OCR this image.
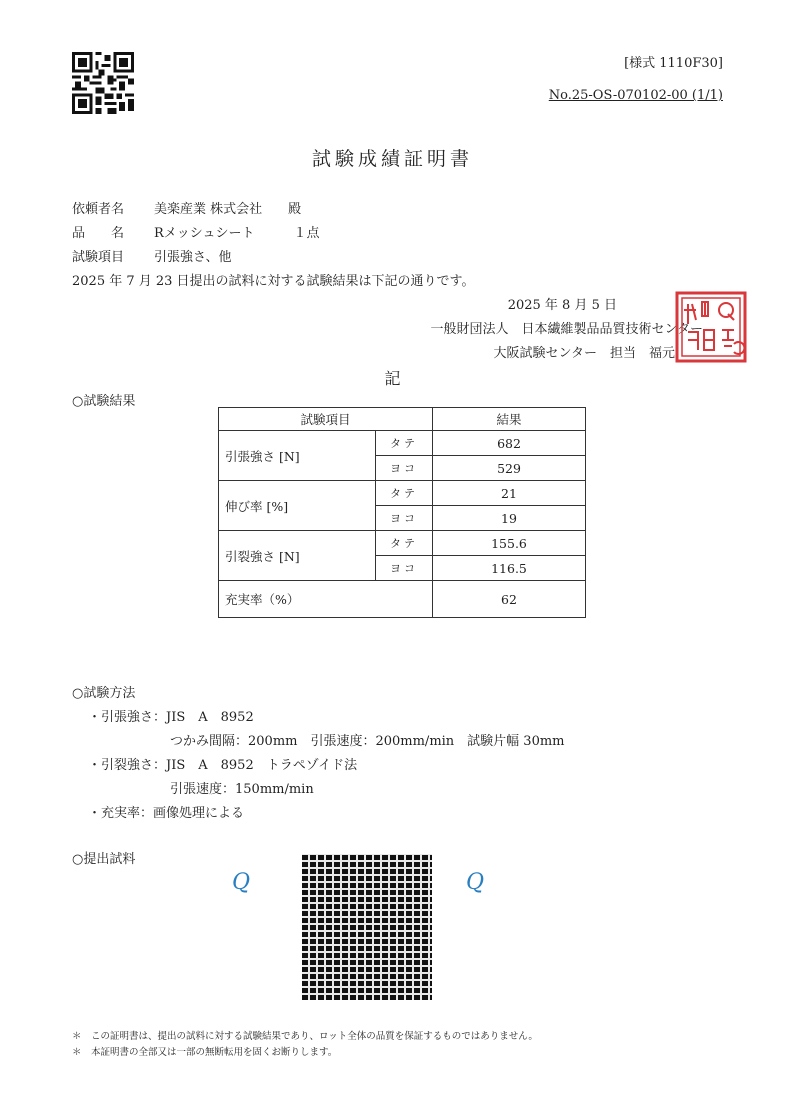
[様式 1110F30]
No.25-OS-070102-00 (1/1)
試験成績証明書
依頼者名 美楽産業 株式会社　　殿
品　　名 Rメッシュシート　　　１点
試験項目 引張強さ、他
2025 年 7 月 23 日提出の試料に対する試験結果は下記の通りです。
2025 年 8 月 5 日
一般財団法人　日本繊維製品品質技術センター
大阪試験センター　担当　福元
記
○試験結果
試験項目		結果
引張強さ [N]	タテ	682
	ヨコ	529
伸び率 [%]	タテ	21
	ヨコ	19
引裂強さ [N]	タテ	155.6
	ヨコ	116.5
充実率（%）		62
○試験方法
・引張強さ：JIS　A　8952
つかみ間隔：200mm　引張速度：200mm/min　試験片幅 30mm
・引裂強さ：JIS　A　8952　トラペゾイド法
引張速度：150mm/min
・充実率：画像処理による
○提出試料
Q	Q
＊　この証明書は、提出の試料に対する試験結果であり、ロット全体の品質を保証するものではありません。
＊　本証明書の全部又は一部の無断転用を固くお断りします。
